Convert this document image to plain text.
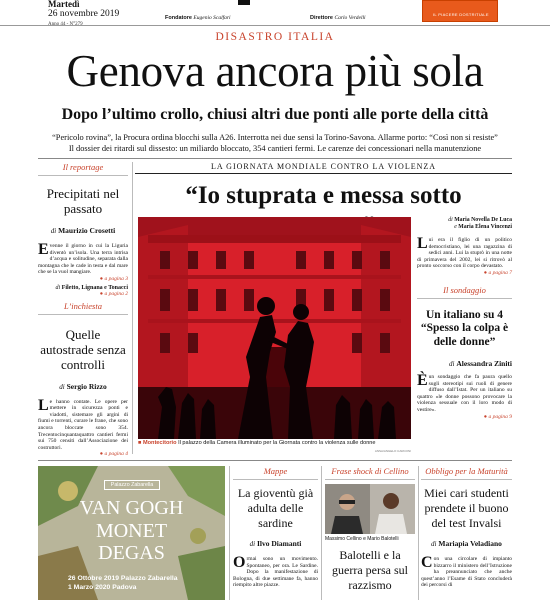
Martedì
26 novembre 2019
Anno 44 - N°279
Fondatore Eugenio Scalfari	Direttore Carlo Verdelli
IL PIACERE DOSTRITIALE
DISASTRO ITALIA
Genova ancora più sola
Dopo l’ultimo crollo, chiusi altri due ponti alle porte della città
“Pericolo rovina”, la Procura ordina blocchi sulla A26. Interrotta nei due sensi la Torino-Savona. Allarme porto: “Così non si resiste”
Il dossier dei ritardi sul dissesto: un miliardo bloccato, 354 cantieri fermi. Le carenze dei concessionari nella manutenzione
Il reportage
Precipitati nel passato
di Maurizio Crosetti
Evenne il giorno in cui la Liguria diventò un’isola. Una terra intrisa d’acqua e solitudine, separata dalla montagna che le cade in testa e dal mare che se la vuol mangiare.
● a pagina 3
di Filetto, Lignana e Tonacci
● a pagina 2
L’inchiesta
Quelle autostrade senza controlli
di Sergio Rizzo
Le hanno contate. Le opere per mettere in sicurezza ponti e viadotti, sistemare gli argini di fiumi e torrenti, curare le frane, che sono ancora bloccate sono 354. Trecentocinquantaquattro cantieri fermi sui 750 censiti dall’Associazione dei costruttori.
● a pagina 4
LA GIORNATA MONDIALE CONTRO LA VIOLENZA
“Io stuprata e messa sotto
■ Montecitorio Il palazzo della Camera illuminato per la Giornata contro la violenza sulle donne
ANSA/ANGELO CARCONI
di Maria Novella De Luca
e Maria Elena Vincenzi
Lui era il figlio di un politico democristiano, lei una ragazzina di sedici anni. Lui la stuprò in una notte di primavera del 2002, lei si ritrovò al pronto soccorso con il corpo devastato.
● a pagina 7
Il sondaggio
Un italiano su 4 “Spesso la colpa è delle donne”
di Alessandra Ziniti
Èun sondaggio che fa paura quello sugli stereotipi sui ruoli di genere diffuso dall’Istat. Per un italiano su quattro «le donne possono provocare la violenza sessuale con il loro modo di vestire».
● a pagina 9
Palazzo Zabarella
VAN GOGH
MONET
DEGAS
26 Ottobre 2019 Palazzo Zabarella
1 Marzo 2020 Padova
Mappe
La gioventù già adulta delle sardine
di Ilvo Diamanti
Ormai sono un movimento. Spontaneo, per ora. Le Sardine. Dopo la manifestazione di Bologna, di due settimane fa, hanno riempito altre piazze.
Frase shock di Cellino
Massimo Cellino e Mario Balotelli
Balotelli e la guerra persa sul razzismo
Obbligo per la Maturità
Miei cari studenti prendete il buono del test Invalsi
di Mariapia Veladiano
Con una circolare di impianto bizzarro il ministero dell’Istruzione ha preannunciato che anche quest’anno l’Esame di Stato concluderà dei percorsi di
